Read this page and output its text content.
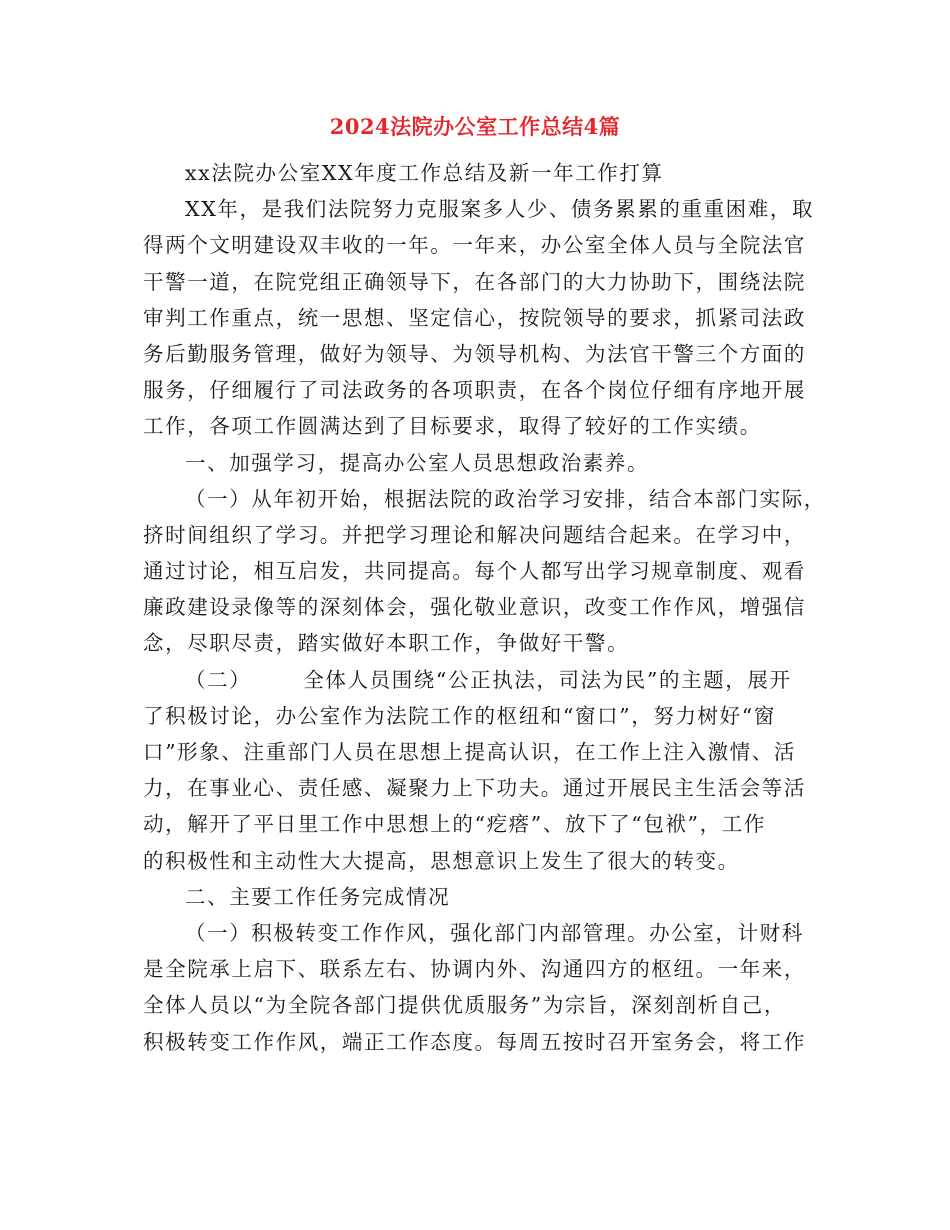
2024法院办公室工作总结4篇
xx法院办公室XX年度工作总结及新一年工作打算
XX年，是我们法院努力克服案多人少、债务累累的重重困难，取
得两个文明建设双丰收的一年。一年来，办公室全体人员与全院法官
干警一道，在院党组正确领导下，在各部门的大力协助下，围绕法院
审判工作重点，统一思想、坚定信心，按院领导的要求，抓紧司法政
务后勤服务管理，做好为领导、为领导机构、为法官干警三个方面的
服务，仔细履行了司法政务的各项职责，在各个岗位仔细有序地开展
工作，各项工作圆满达到了目标要求，取得了较好的工作实绩。
一、加强学习，提高办公室人员思想政治素养。
（一）从年初开始，根据法院的政治学习安排，结合本部门实际，
挤时间组织了学习。并把学习理论和解决问题结合起来。在学习中，
通过讨论，相互启发，共同提高。每个人都写出学习规章制度、观看
廉政建设录像等的深刻体会，强化敬业意识，改变工作作风，增强信
念，尽职尽责，踏实做好本职工作，争做好干警。
（二）	全体人员围绕“公正执法，司法为民”的主题，展开
了积极讨论，办公室作为法院工作的枢纽和“窗口”，努力树好“窗
口”形象、注重部门人员在思想上提高认识，在工作上注入激情、活
力，在事业心、责任感、凝聚力上下功夫。通过开展民主生活会等活
动，解开了平日里工作中思想上的“疙瘩”、放下了“包袱”，工作
的积极性和主动性大大提高，思想意识上发生了很大的转变。
二、主要工作任务完成情况
（一）积极转变工作作风，强化部门内部管理。办公室，计财科
是全院承上启下、联系左右、协调内外、沟通四方的枢纽。一年来，
全体人员以“为全院各部门提供优质服务”为宗旨，深刻剖析自己，
积极转变工作作风，端正工作态度。每周五按时召开室务会，将工作
